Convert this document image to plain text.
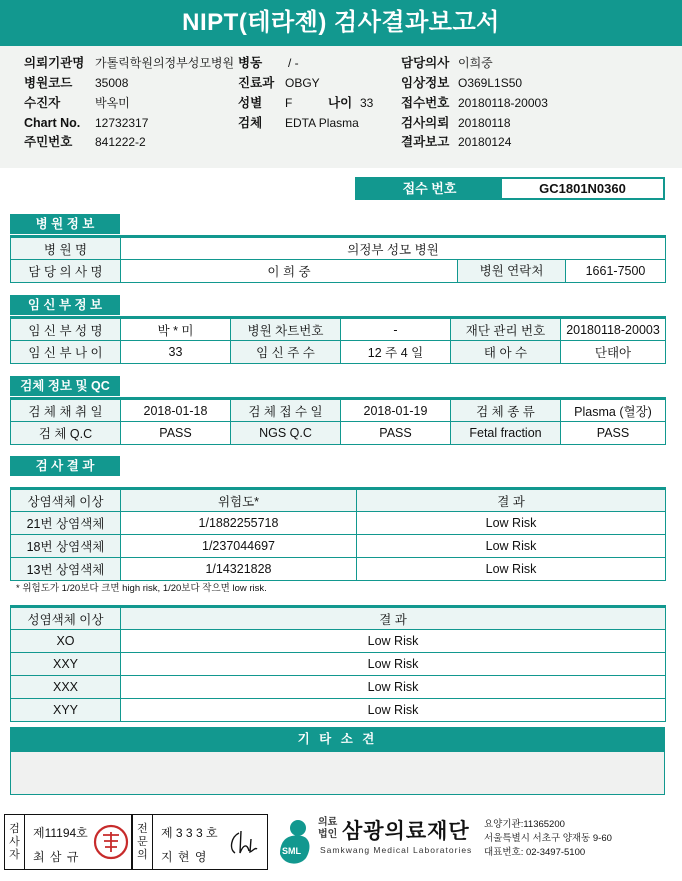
NIPT(테라젠) 검사결과보고서
의뢰기관명 가톨릭학원의정부성모병원 병동 / -	담당의사 이희중
병원코드 35008	진료과 OBGY	임상정보 O369L1S50
수진자	박옥미	성별 F	나이 33 접수번호 20180118-20003
Chart No. 12732317	검체 EDTA Plasma	검사의뢰 20180118
주민번호 841222-2	결과보고 20180124
접수 번호	GC1801N0360
병 원 정 보
병 원 명	의정부 성모 병원	
담 당 의 사 명	이 희 중	병원 연락처 1661-7500
임 신 부 정 보
임 신 부 성 명	박 * 미	병원 차트번호	-	재단 관리 번호	20180118-20003
임 신 부 나 이	33	임 신 주 수	12 주 4 일	태 아 수	단태아
검체 정보 및 QC
검 체 채 취 일	2018-01-18	검 체 접 수 일	2018-01-19	검 체 종 류	Plasma (혈장)
검 체 Q.C	PASS	NGS Q.C	PASS	Fetal fraction	PASS
검 사 결 과
상염색체 이상	위험도*	결 과
21번 상염색체	1/1882255718	Low Risk
18번 상염색체	1/237044697	Low Risk
13번 상염색체	1/14321828	Low Risk
* 위험도가 1/20보다 크면 high risk, 1/20보다 작으면 low risk.
성염색체 이상	결 과
XO	Low Risk
XXY	Low Risk
XXX	Low Risk
XYY	Low Risk
기 타 소 견
검사자
제11194호
최 삼 규
전문의
제 3 3 3 호
지 현 영	SML
의료
법인 삼광의료재단
Samkwang Medical Laboratories
요양기관:11365200
서울특별시 서초구 양재동 9-60
대표번호: 02-3497-5100
